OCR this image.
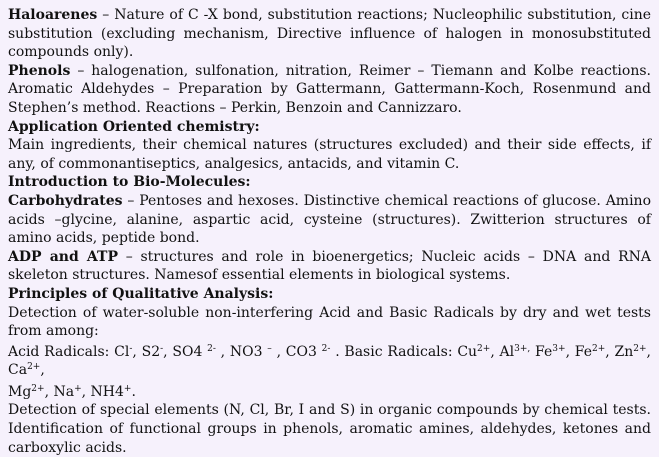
Haloarenes – Nature of C -X bond, substitution reactions; Nucleophilic substitution, cine substitution (excluding mechanism, Directive influence of halogen in monosubstituted compounds only).

Phenols – halogenation, sulfonation, nitration, Reimer – Tiemann and Kolbe reactions. Aromatic Aldehydes – Preparation by Gattermann, Gattermann-Koch, Rosenmund and Stephen’s method. Reactions – Perkin, Benzoin and Cannizzaro.

Application Oriented chemistry:

Main ingredients, their chemical natures (structures excluded) and their side effects, if any, of commonantiseptics, analgesics, antacids, and vitamin C.

Introduction to Bio-Molecules:

Carbohydrates – Pentoses and hexoses. Distinctive chemical reactions of glucose. Amino acids –glycine, alanine, aspartic acid, cysteine (structures). Zwitterion structures of amino acids, peptide bond.

ADP and ATP – structures and role in bioenergetics; Nucleic acids – DNA and RNA skeleton structures. Namesof essential elements in biological systems.

Principles of Qualitative Analysis:

Detection of water-soluble non-interfering Acid and Basic Radicals by dry and wet tests from among:

Acid Radicals: Cl-, S2-, SO4 $^{2-}$ , NO3 – , CO3 $^{2-}$ . Basic Radicals: $Cu^{2+}$, $Al^{3+,}$ $Fe^{3+}$, $Fe^{2+}$, $Zn^{2+}$, $Ca^{2+}$,

$Mg^{2+}$, Na+, NH4+.

Detection of special elements (N, Cl, Br, I and S) in organic compounds by chemical tests. Identification of functional groups in phenols, aromatic amines, aldehydes, ketones and carboxylic acids.
